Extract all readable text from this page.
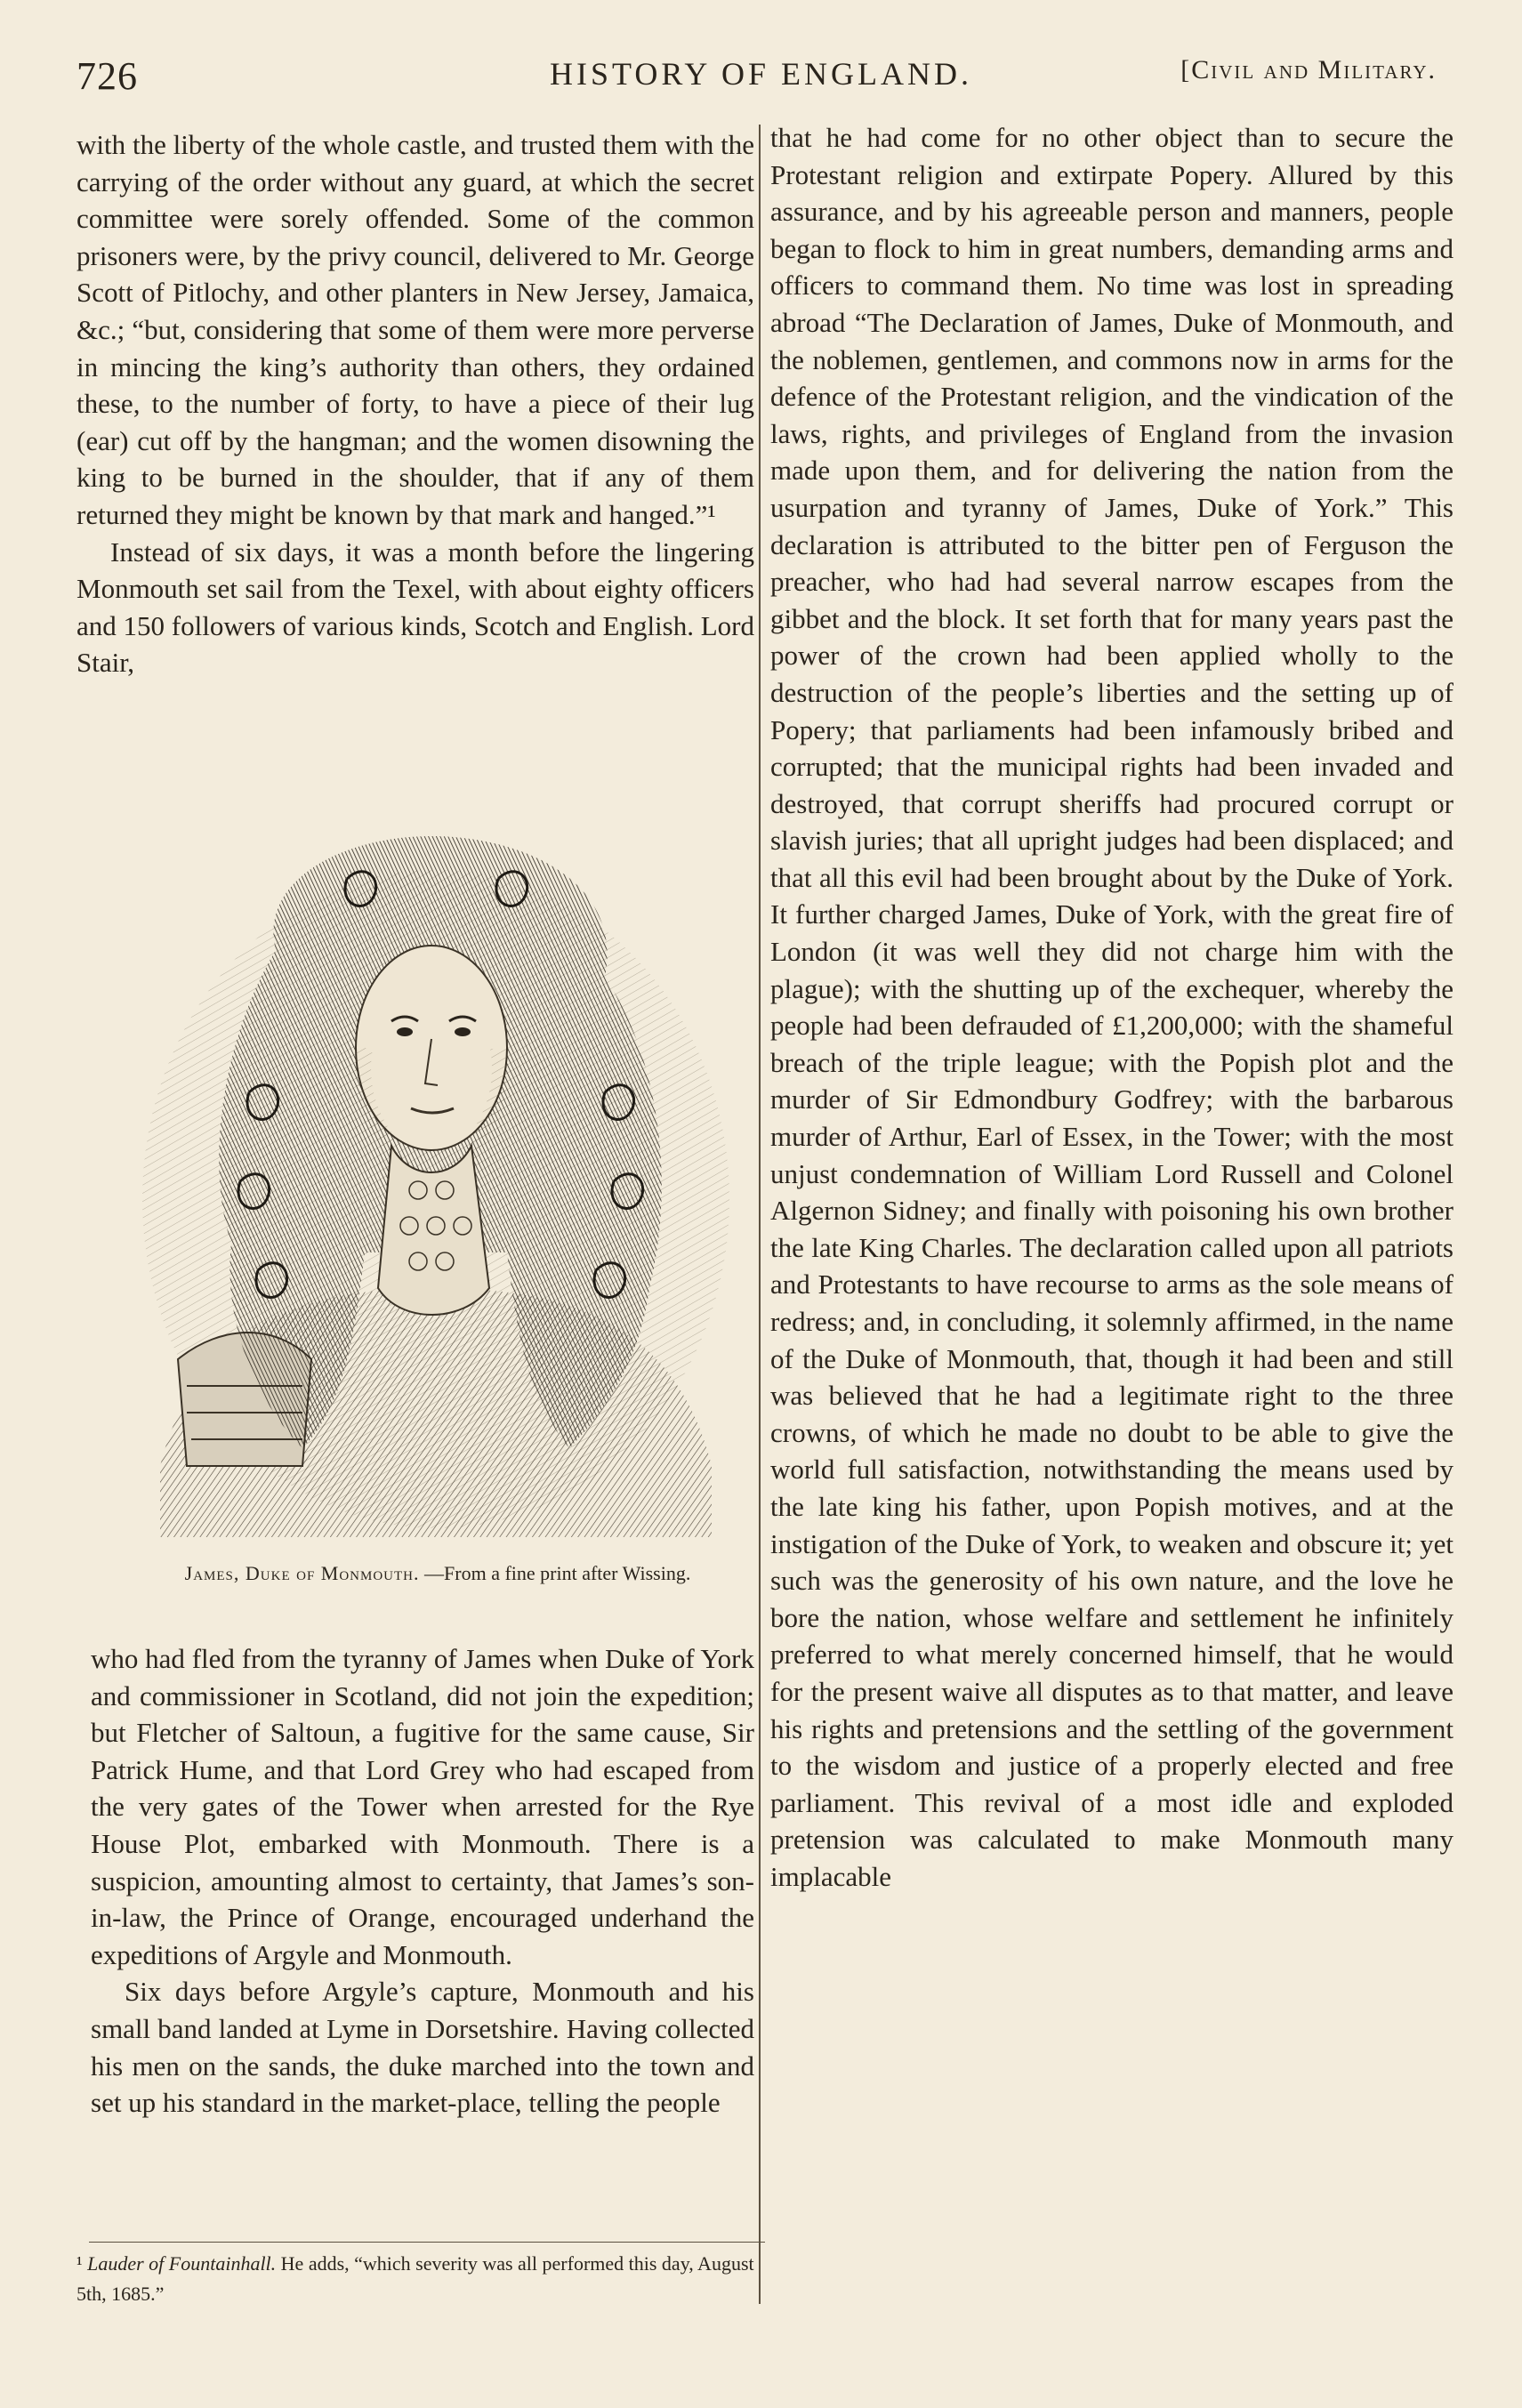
726	HISTORY OF ENGLAND.	[Civil and Military.

with the liberty of the whole castle, and trusted them with the carrying of the order without any guard, at which the secret committee were sorely offended. Some of the common prisoners were, by the privy council, delivered to Mr. George Scott of Pitlochy, and other planters in New Jersey, Jamaica, &c.; “but, considering that some of them were more perverse in mincing the king’s authority than others, they ordained these, to the number of forty, to have a piece of their lug (ear) cut off by the hangman; and the women disowning the king to be burned in the shoulder, that if any of them returned they might be known by that mark and hanged.”¹

Instead of six days, it was a month before the lingering Monmouth set sail from the Texel, with about eighty officers and 150 followers of various kinds, Scotch and English. Lord Stair,

James, Duke of Monmouth. —From a fine print after Wissing.

who had fled from the tyranny of James when Duke of York and commissioner in Scotland, did not join the expedition; but Fletcher of Saltoun, a fugitive for the same cause, Sir Patrick Hume, and that Lord Grey who had escaped from the very gates of the Tower when arrested for the Rye House Plot, embarked with Monmouth. There is a suspicion, amounting almost to certainty, that James’s son-in-law, the Prince of Orange, encouraged underhand the expeditions of Argyle and Monmouth.

Six days before Argyle’s capture, Monmouth and his small band landed at Lyme in Dorsetshire. Having collected his men on the sands, the duke marched into the town and set up his standard in the market-place, telling the people

that he had come for no other object than to secure the Protestant religion and extirpate Popery. Allured by this assurance, and by his agreeable person and manners, people began to flock to him in great numbers, demanding arms and officers to command them. No time was lost in spreading abroad “The Declaration of James, Duke of Monmouth, and the noblemen, gentlemen, and commons now in arms for the defence of the Protestant religion, and the vindication of the laws, rights, and privileges of England from the invasion made upon them, and for delivering the nation from the usurpation and tyranny of James, Duke of York.” This declaration is attributed to the bitter pen of Ferguson the preacher, who had had several narrow escapes from the gibbet and the block. It set forth that for many years past the power of the crown had been applied wholly to the destruction of the people’s liberties and the setting up of Popery; that parliaments had been infamously bribed and corrupted; that the municipal rights had been invaded and destroyed, that corrupt sheriffs had procured corrupt or slavish juries; that all upright judges had been displaced; and that all this evil had been brought about by the Duke of York. It further charged James, Duke of York, with the great fire of London (it was well they did not charge him with the plague); with the shutting up of the exchequer, whereby the people had been defrauded of £1,200,000; with the shameful breach of the triple league; with the Popish plot and the murder of Sir Edmondbury Godfrey; with the barbarous murder of Arthur, Earl of Essex, in the Tower; with the most unjust condemnation of William Lord Russell and Colonel Algernon Sidney; and finally with poisoning his own brother the late King Charles. The declaration called upon all patriots and Protestants to have recourse to arms as the sole means of redress; and, in concluding, it solemnly affirmed, in the name of the Duke of Monmouth, that, though it had been and still was believed that he had a legitimate right to the three crowns, of which he made no doubt to be able to give the world full satisfaction, notwithstanding the means used by the late king his father, upon Popish motives, and at the instigation of the Duke of York, to weaken and obscure it; yet such was the generosity of his own nature, and the love he bore the nation, whose welfare and settlement he infinitely preferred to what merely concerned himself, that he would for the present waive all disputes as to that matter, and leave his rights and pretensions and the settling of the government to the wisdom and justice of a properly elected and free parliament. This revival of a most idle and exploded pretension was calculated to make Monmouth many implacable

¹ Lauder of Fountainhall. He adds, “which severity was all performed this day, August 5th, 1685.”
